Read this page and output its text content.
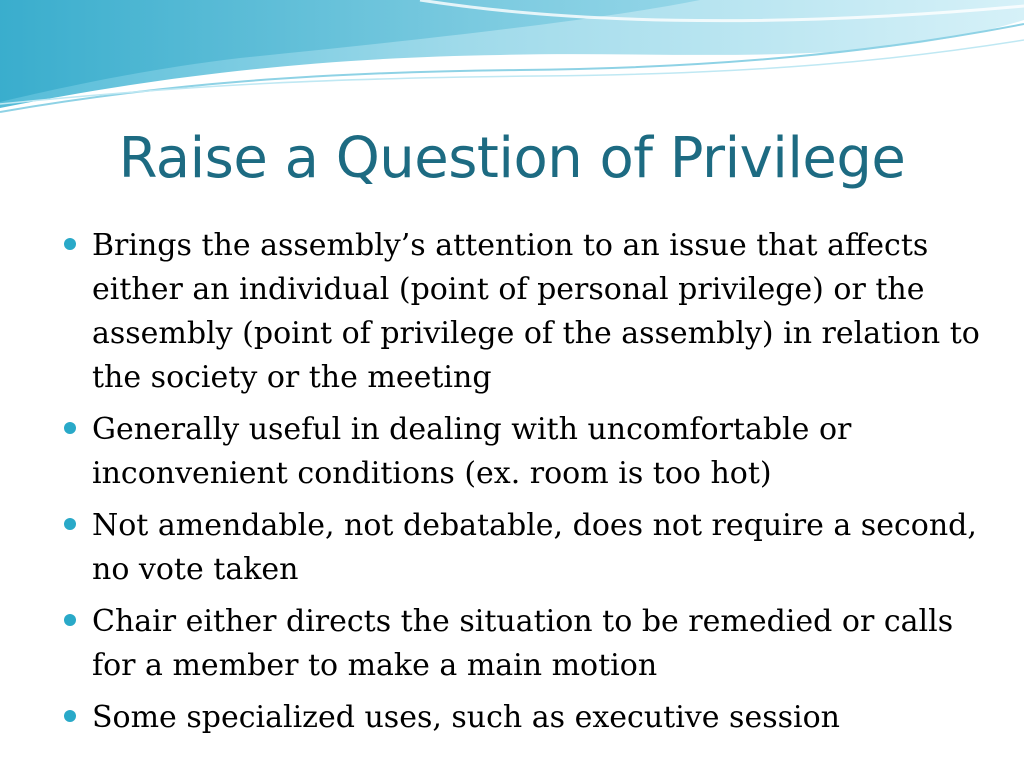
Raise a Question of Privilege
Brings the assembly’s attention to an issue that affects either an individual (point of personal privilege) or the assembly (point of privilege of the assembly) in relation to the society or the meeting
Generally useful in dealing with uncomfortable or inconvenient conditions (ex. room is too hot)
Not amendable, not debatable, does not require a second, no vote taken
Chair either directs the situation to be remedied or calls for a member to make a main motion
Some specialized uses, such as executive session
